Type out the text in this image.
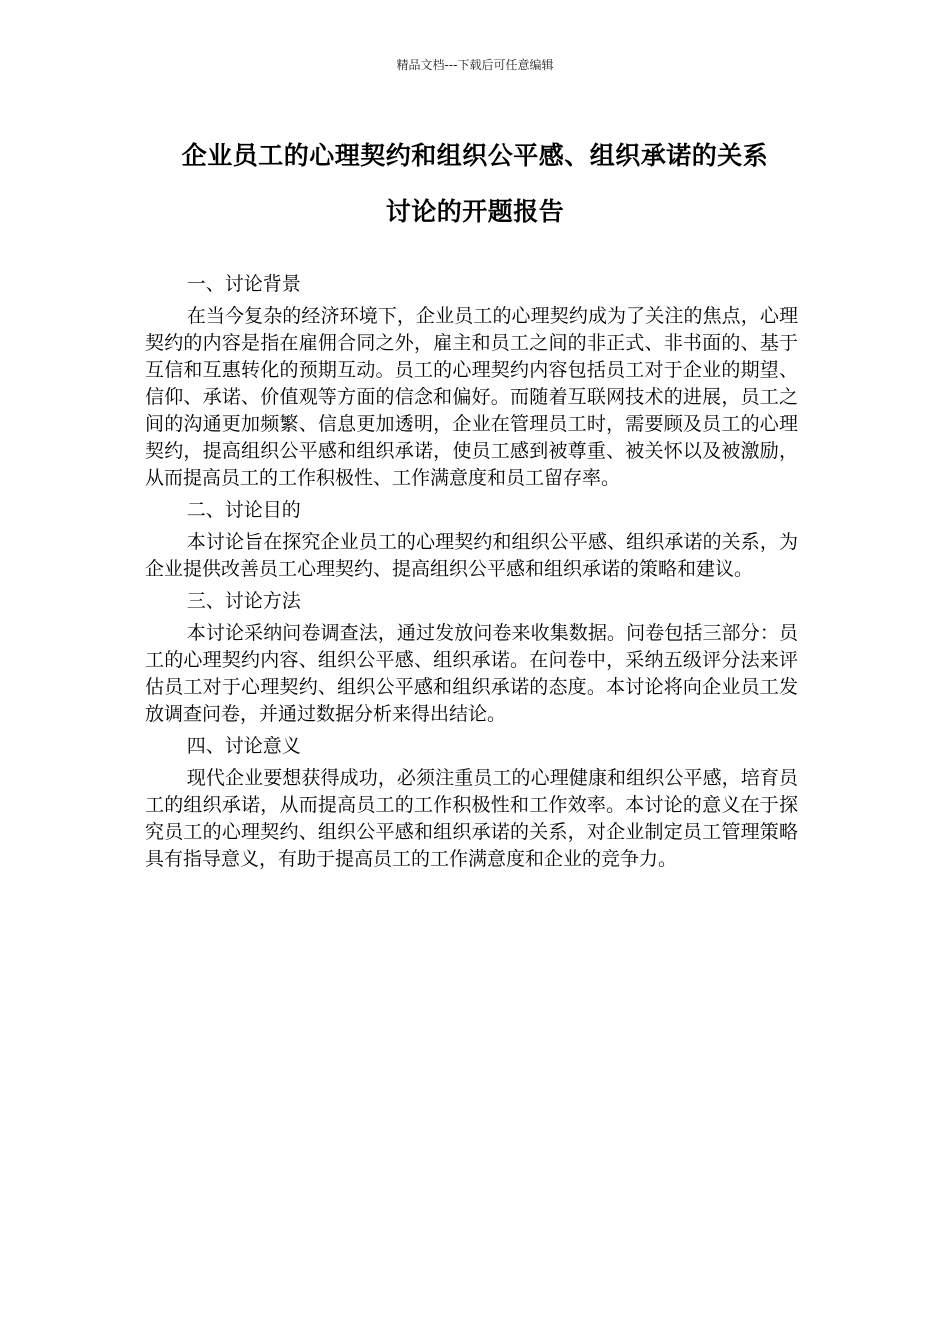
精品文档---下载后可任意编辑
企业员工的心理契约和组织公平感、组织承诺的关系
讨论的开题报告

一、讨论背景

在当今复杂的经济环境下，企业员工的心理契约成为了关注的焦点，心理契约的内容是指在雇佣合同之外，雇主和员工之间的非正式、非书面的、基于互信和互惠转化的预期互动。员工的心理契约内容包括员工对于企业的期望、信仰、承诺、价值观等方面的信念和偏好。而随着互联网技术的进展，员工之间的沟通更加频繁、信息更加透明，企业在管理员工时，需要顾及员工的心理契约，提高组织公平感和组织承诺，使员工感到被尊重、被关怀以及被激励，从而提高员工的工作积极性、工作满意度和员工留存率。

二、讨论目的

本讨论旨在探究企业员工的心理契约和组织公平感、组织承诺的关系，为企业提供改善员工心理契约、提高组织公平感和组织承诺的策略和建议。

三、讨论方法

本讨论采纳问卷调查法，通过发放问卷来收集数据。问卷包括三部分：员工的心理契约内容、组织公平感、组织承诺。在问卷中，采纳五级评分法来评估员工对于心理契约、组织公平感和组织承诺的态度。本讨论将向企业员工发放调查问卷，并通过数据分析来得出结论。

四、讨论意义

现代企业要想获得成功，必须注重员工的心理健康和组织公平感，培育员工的组织承诺，从而提高员工的工作积极性和工作效率。本讨论的意义在于探究员工的心理契约、组织公平感和组织承诺的关系，对企业制定员工管理策略具有指导意义，有助于提高员工的工作满意度和企业的竞争力。
